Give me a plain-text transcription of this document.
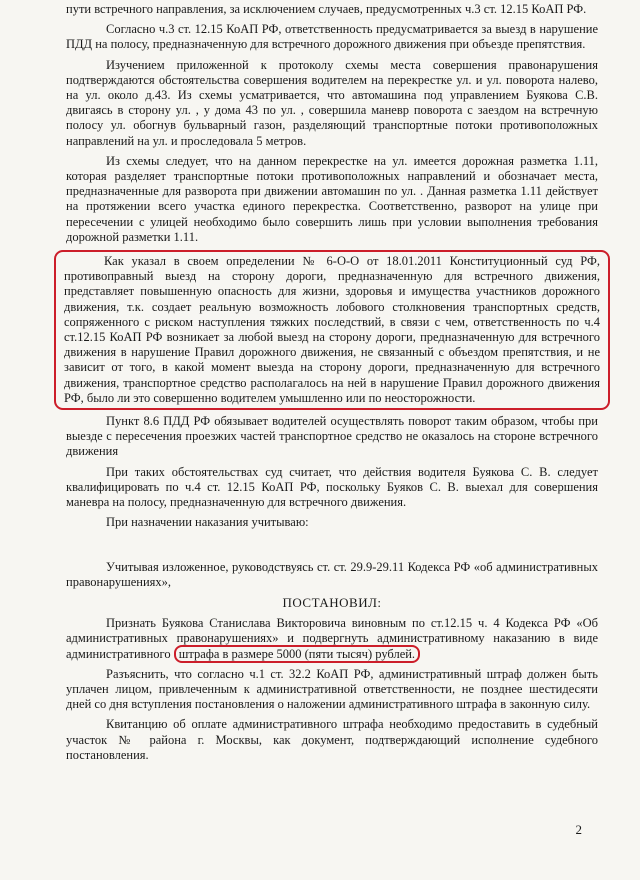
пути встречного направления, за исключением случаев, предусмотренных ч.3 ст. 12.15 КоАП РФ.

Согласно ч.3 ст. 12.15 КоАП РФ, ответственность предусматривается за выезд в нарушение ПДД на полосу, предназначенную для встречного дорожного движения при объезде препятствия.

Изучением приложенной к протоколу схемы места совершения правонарушения подтверждаются обстоятельства совершения водителем на перекрестке ул. и ул. поворота налево, на ул. около д.43. Из схемы усматривается, что автомашина под управлением Буякова С.В. двигаясь в сторону ул. , у дома 43 по ул. , совершила маневр поворота с заездом на встречную полосу ул. обогнув бульварный газон, разделяющий транспортные потоки противоположных направлений на ул. и проследовала 5 метров.

Из схемы следует, что на данном перекрестке на ул. имеется дорожная разметка 1.11, которая разделяет транспортные потоки противоположных направлений и обозначает места, предназначенные для разворота при движении автомашин по ул. . Данная разметка 1.11 действует на протяжении всего участка единого перекрестка. Соответственно, разворот на улице при пересечении с улицей необходимо было совершить лишь при условии выполнения требования дорожной разметки 1.11.

Как указал в своем определении № 6-О-О от 18.01.2011 Конституционный суд РФ, противоправный выезд на сторону дороги, предназначенную для встречного движения, представляет повышенную опасность для жизни, здоровья и имущества участников дорожного движения, т.к. создает реальную возможность лобового столкновения транспортных средств, сопряженного с риском наступления тяжких последствий, в связи с чем, ответственность по ч.4 ст.12.15 КоАП РФ возникает за любой выезд на сторону дороги, предназначенную для встречного движения в нарушение Правил дорожного движения, не связанный с объездом препятствия, и не зависит от того, в какой момент выезда на сторону дороги, предназначенную для встречного движения, транспортное средство располагалось на ней в нарушение Правил дорожного движения РФ, было ли это совершенно водителем умышленно или по неосторожности.

Пункт 8.6 ПДД РФ обязывает водителей осуществлять поворот таким образом, чтобы при выезде с пересечения проезжих частей транспортное средство не оказалось на стороне встречного движения

При таких обстоятельствах суд считает, что действия водителя Буякова С. В. следует квалифицировать по ч.4 ст. 12.15 КоАП РФ, поскольку Буяков С. В. выехал для совершения маневра на полосу, предназначенную для встречного движения.

При назначении наказания учитываю:

Учитывая изложенное, руководствуясь ст. ст. 29.9-29.11 Кодекса РФ «об административных правонарушениях»,

ПОСТАНОВИЛ:

Признать Буякова Станислава Викторовича виновным по ст.12.15 ч. 4 Кодекса РФ «Об административных правонарушениях» и подвергнуть административному наказанию в виде административного штрафа в размере 5000 (пяти тысяч) рублей.

Разъяснить, что согласно ч.1 ст. 32.2 КоАП РФ, административный штраф должен быть уплачен лицом, привлеченным к административной ответственности, не позднее шестидесяти дней со дня вступления постановления о наложении административного штрафа в законную силу.

Квитанцию об оплате административного штрафа необходимо предоставить в судебный участок № района г. Москвы, как документ, подтверждающий исполнение судебного постановления.

2
